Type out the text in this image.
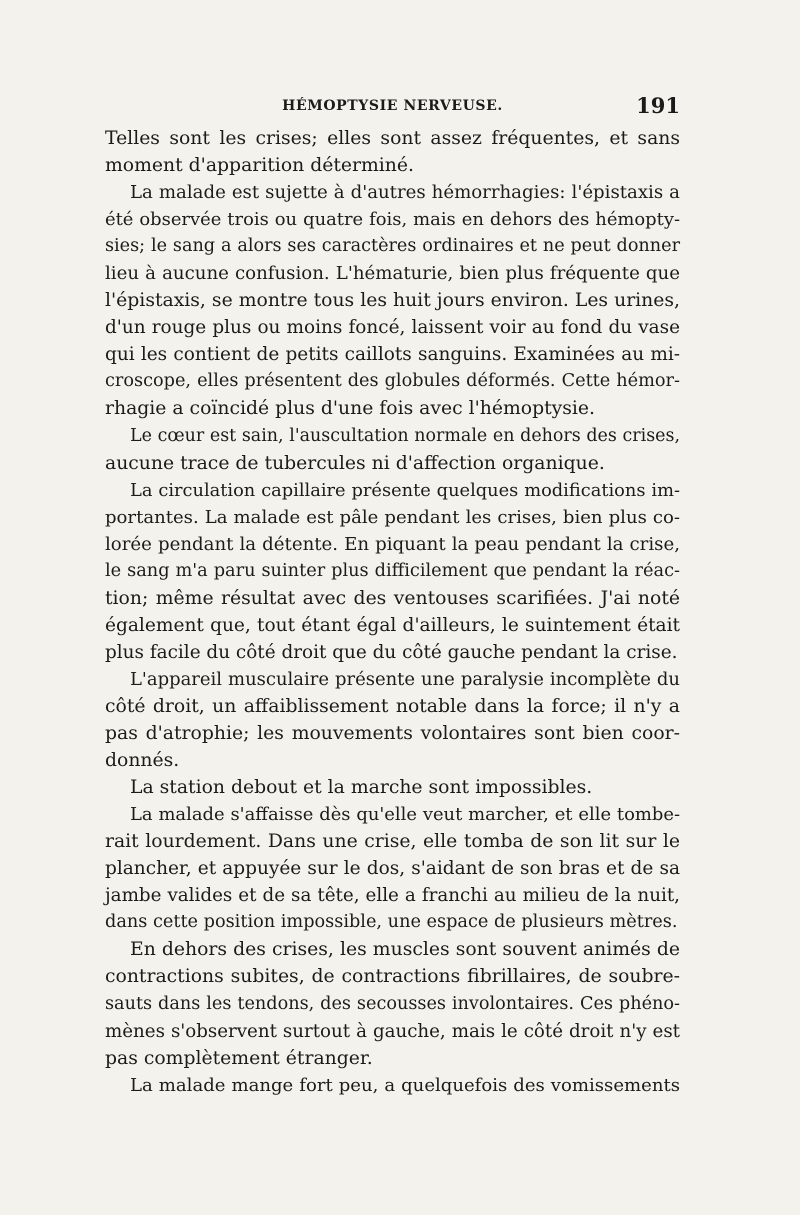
HÉMOPTYSIE NERVEUSE.	191
Telles sont les crises; elles sont assez fréquentes, et sans
moment d'apparition déterminé.
La malade est sujette à d'autres hémorrhagies: l'épistaxis a
été observée trois ou quatre fois, mais en dehors des hémopty-
sies; le sang a alors ses caractères ordinaires et ne peut donner
lieu à aucune confusion. L'hématurie, bien plus fréquente que
l'épistaxis, se montre tous les huit jours environ. Les urines,
d'un rouge plus ou moins foncé, laissent voir au fond du vase
qui les contient de petits caillots sanguins. Examinées au mi-
croscope, elles présentent des globules déformés. Cette hémor-
rhagie a coïncidé plus d'une fois avec l'hémoptysie.
Le cœur est sain, l'auscultation normale en dehors des crises,
aucune trace de tubercules ni d'affection organique.
La circulation capillaire présente quelques modifications im-
portantes. La malade est pâle pendant les crises, bien plus co-
lorée pendant la détente. En piquant la peau pendant la crise,
le sang m'a paru suinter plus difficilement que pendant la réac-
tion; même résultat avec des ventouses scarifiées. J'ai noté
également que, tout étant égal d'ailleurs, le suintement était
plus facile du côté droit que du côté gauche pendant la crise.
L'appareil musculaire présente une paralysie incomplète du
côté droit, un affaiblissement notable dans la force; il n'y a
pas d'atrophie; les mouvements volontaires sont bien coor-
donnés.
La station debout et la marche sont impossibles.
La malade s'affaisse dès qu'elle veut marcher, et elle tombe-
rait lourdement. Dans une crise, elle tomba de son lit sur le
plancher, et appuyée sur le dos, s'aidant de son bras et de sa
jambe valides et de sa tête, elle a franchi au milieu de la nuit,
dans cette position impossible, une espace de plusieurs mètres.
En dehors des crises, les muscles sont souvent animés de
contractions subites, de contractions fibrillaires, de soubre-
sauts dans les tendons, des secousses involontaires. Ces phéno-
mènes s'observent surtout à gauche, mais le côté droit n'y est
pas complètement étranger.
La malade mange fort peu, a quelquefois des vomissements
